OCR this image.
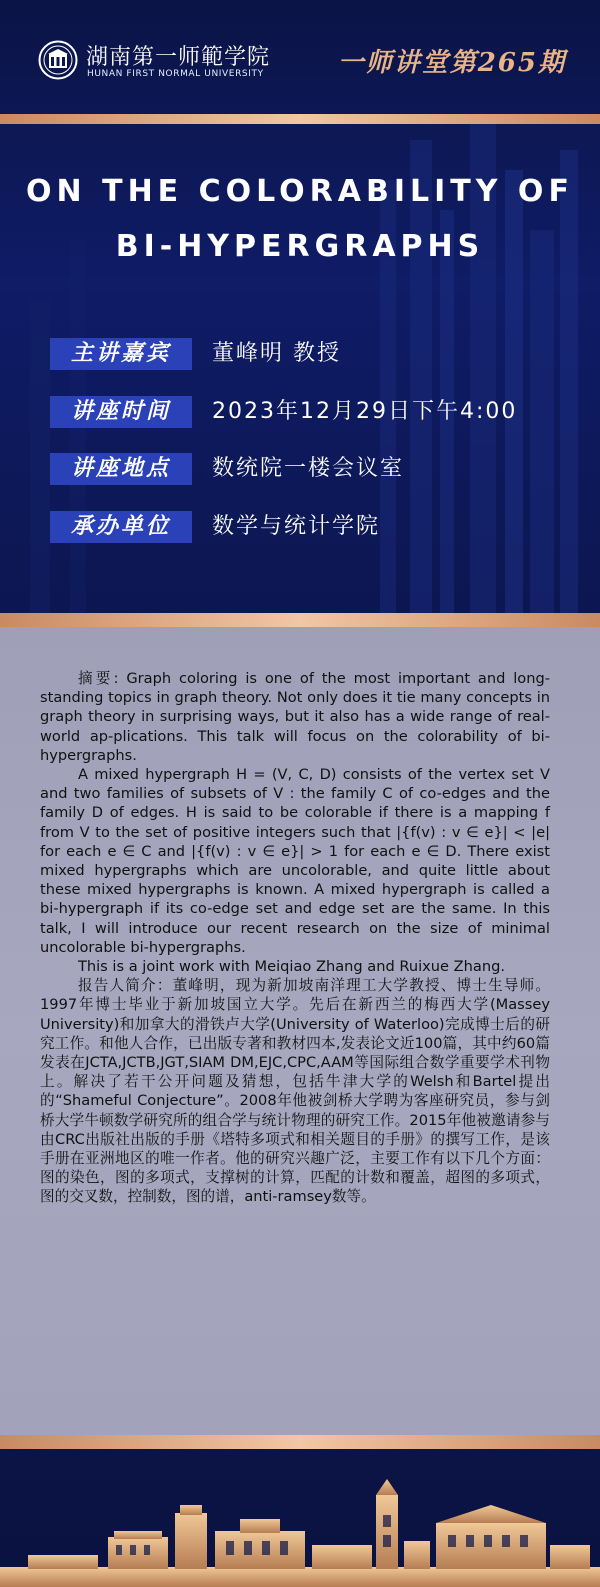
湖南第一师範学院
HUNAN FIRST NORMAL UNIVERSITY	一师讲堂第265期
ON THE COLORABILITY OF
BI-HYPERGRAPHS
主讲嘉宾	董峰明 教授
讲座时间	2023年12月29日下午4:00
讲座地点	数统院一楼会议室
承办单位	数学与统计学院

摘要: Graph coloring is one of the most important and long-standing topics in graph theory. Not only does it tie many concepts in graph theory in surprising ways, but it also has a wide range of real-world ap-plications. This talk will focus on the colorability of bi-hypergraphs.

A mixed hypergraph H = (V, C, D) consists of the vertex set V and two families of subsets of V : the family C of co-edges and the family D of edges. H is said to be colorable if there is a mapping f from V to the set of positive integers such that |{f(v) : v ∈ e}| < |e| for each e ∈ C and |{f(v) : v ∈ e}| > 1 for each e ∈ D. There exist mixed hypergraphs which are uncolorable, and quite little about these mixed hypergraphs is known. A mixed hypergraph is called a bi-hypergraph if its co-edge set and edge set are the same. In this talk, I will introduce our recent research on the size of minimal uncolorable bi-hypergraphs.

This is a joint work with Meiqiao Zhang and Ruixue Zhang.

报告人简介：董峰明，现为新加坡南洋理工大学教授、博士生导师。1997年博士毕业于新加坡国立大学。先后在新西兰的梅西大学(Massey University)和加拿大的滑铁卢大学(University of Waterloo)完成博士后的研究工作。和他人合作，已出版专著和教材四本,发表论文近100篇，其中约60篇发表在JCTA,JCTB,JGT,SIAM DM,EJC,CPC,AAM等国际组合数学重要学术刊物上。解决了若干公开问题及猜想，包括牛津大学的Welsh和Bartel提出的“Shameful Conjecture”。2008年他被剑桥大学聘为客座研究员，参与剑桥大学牛顿数学研究所的组合学与统计物理的研究工作。2015年他被邀请参与由CRC出版社出版的手册《塔特多项式和相关题目的手册》的撰写工作，是该手册在亚洲地区的唯一作者。他的研究兴趣广泛，主要工作有以下几个方面：图的染色，图的多项式，支撑树的计算，匹配的计数和覆盖，超图的多项式，图的交叉数，控制数，图的谱，anti-ramsey数等。
